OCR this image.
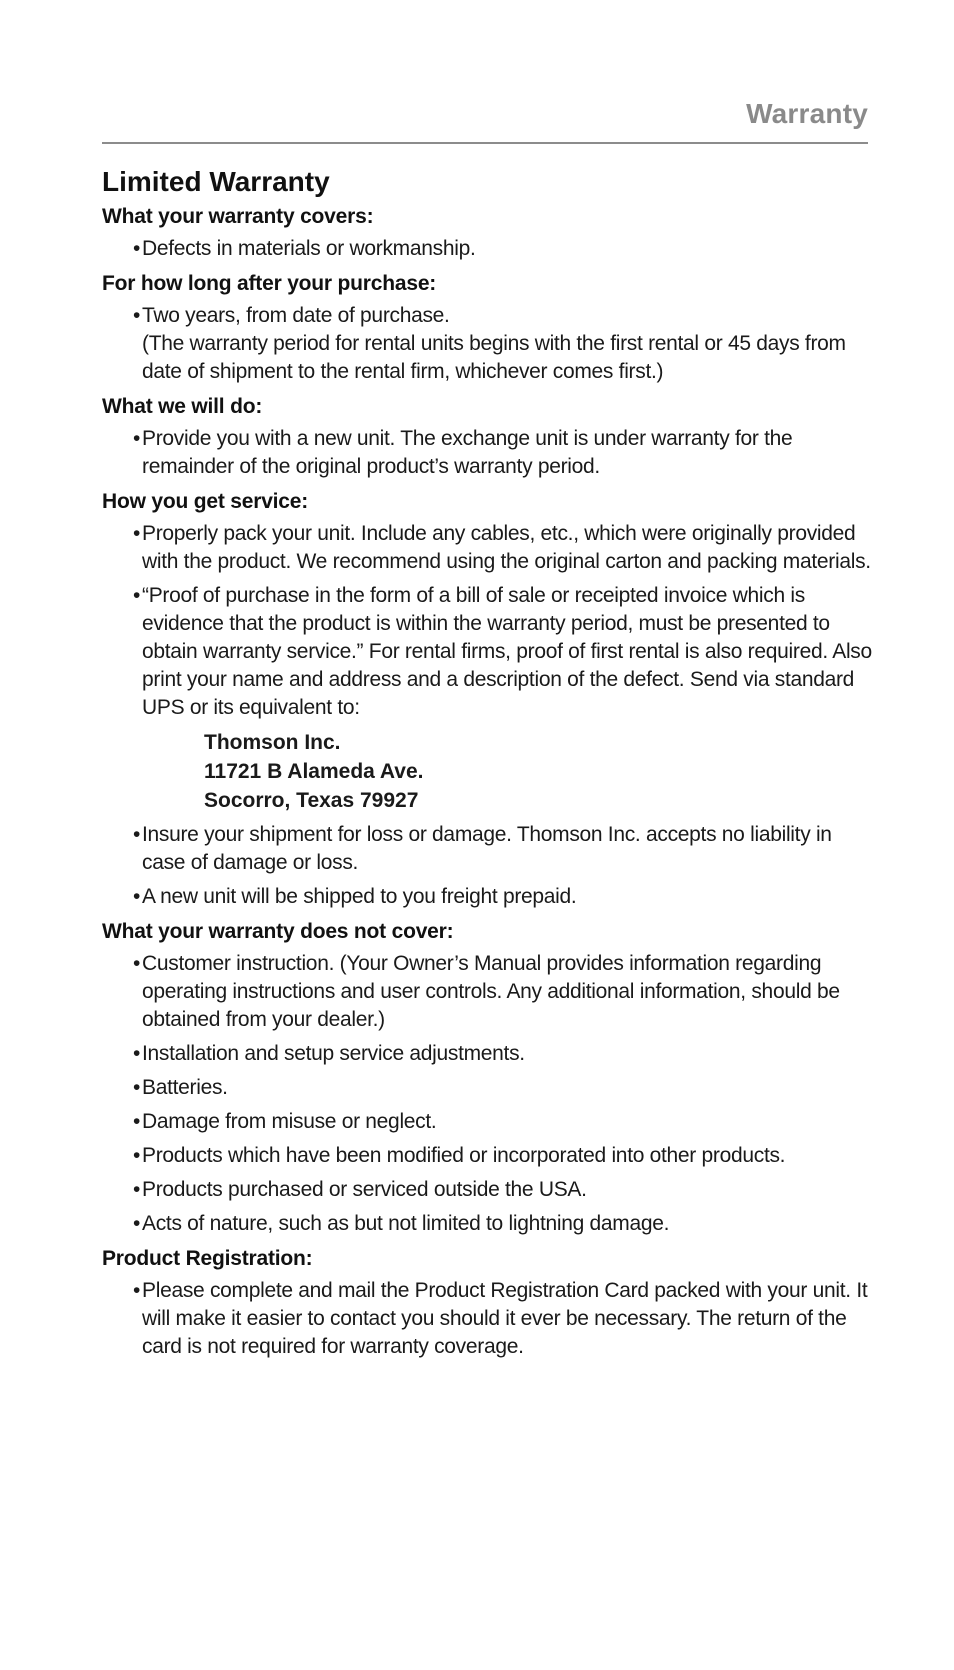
Warranty
Limited Warranty
What your warranty covers:
• Defects in materials or workmanship.
For how long after your purchase:
• Two years, from date of purchase.
(The warranty period for rental units begins with the first rental or 45 days from date of shipment to the rental firm, whichever comes first.)
What we will do:
• Provide you with a new unit. The exchange unit is under warranty for the remainder of the original product’s warranty period.
How you get service:
• Properly pack your unit. Include any cables, etc., which were originally provided with the product. We recommend using the original carton and packing materials.
• “Proof of purchase in the form of a bill of sale or receipted invoice which is evidence that the product is within the warranty period, must be presented to obtain warranty service.” For rental firms, proof of first rental is also required. Also print your name and address and a description of the defect. Send via standard UPS or its equivalent to:
Thomson Inc.
11721 B Alameda Ave.
Socorro, Texas 79927
• Insure your shipment for loss or damage. Thomson Inc. accepts no liability in case of damage or loss.
• A new unit will be shipped to you freight prepaid.
What your warranty does not cover:
• Customer instruction. (Your Owner’s Manual provides information regarding operating instructions and user controls. Any additional information, should be obtained from your dealer.)
• Installation and setup service adjustments.
• Batteries.
• Damage from misuse or neglect.
• Products which have been modified or incorporated into other products.
• Products purchased or serviced outside the USA.
• Acts of nature, such as but not limited to lightning damage.
Product Registration:
• Please complete and mail the Product Registration Card packed with your unit. It will make it easier to contact you should it ever be necessary. The return of the card is not required for warranty coverage.
